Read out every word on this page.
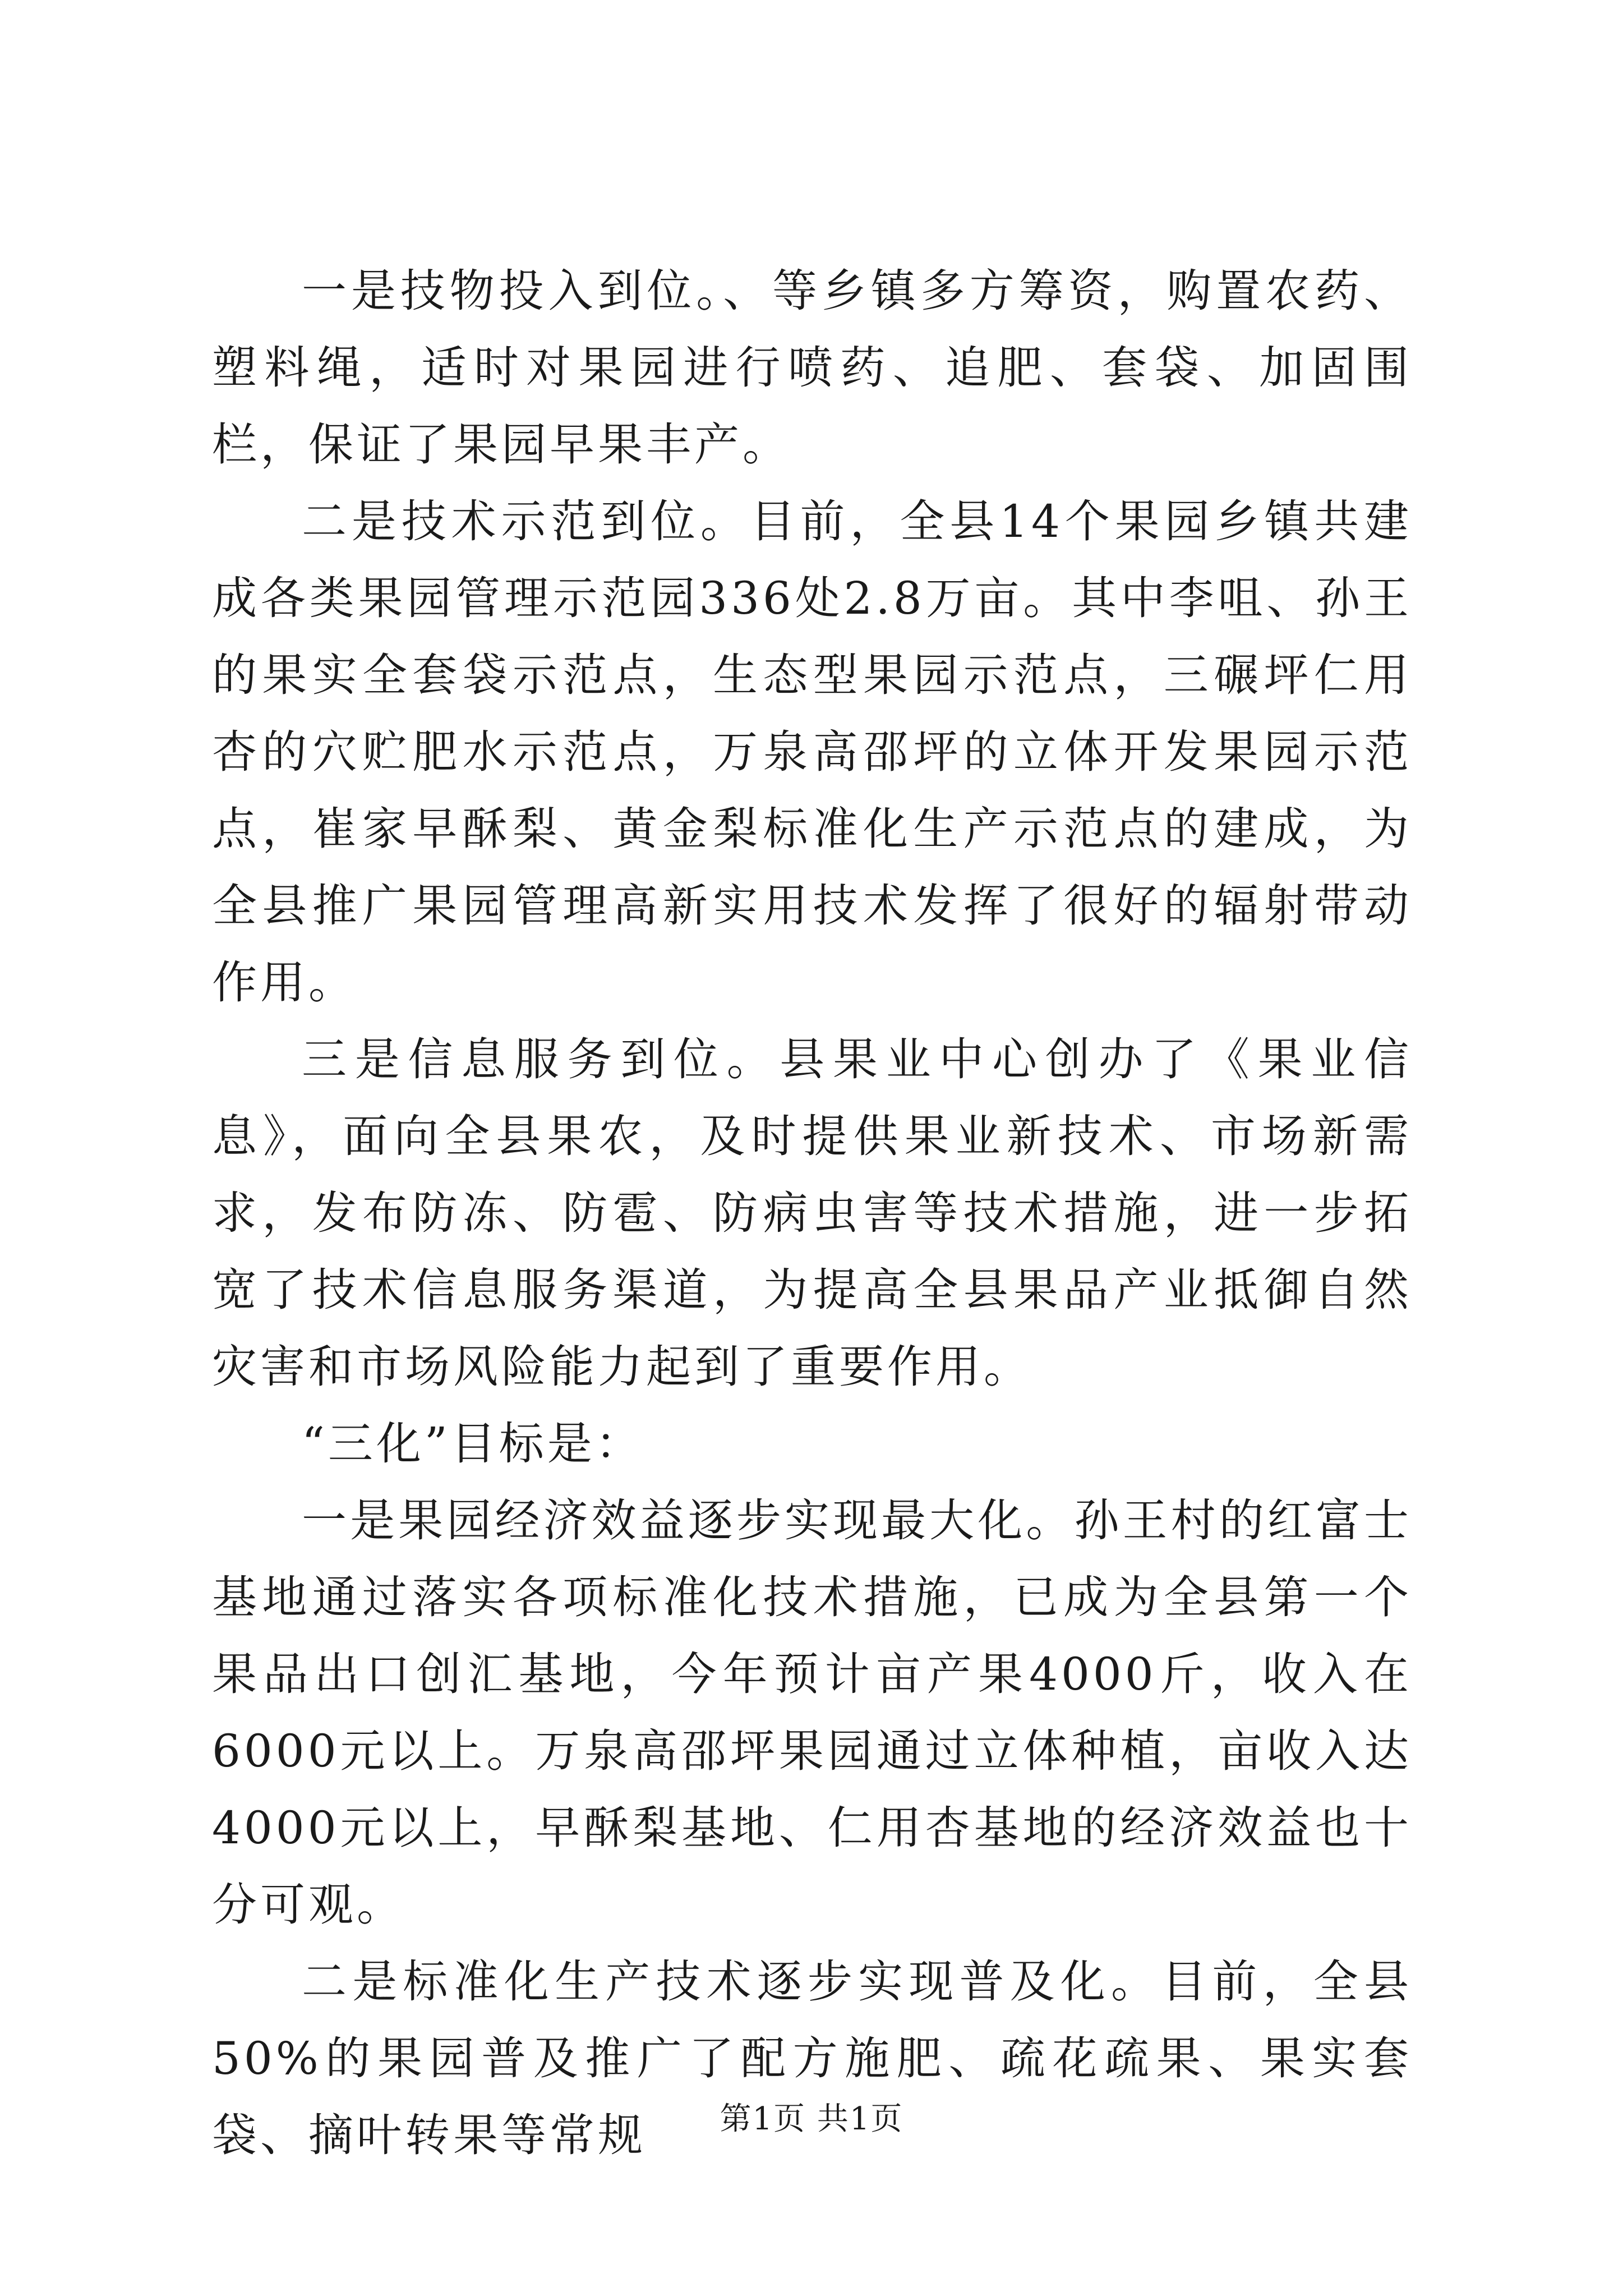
一是技物投入到位。、等乡镇多方筹资，购置农药、塑料绳，适时对果园进行喷药、追肥、套袋、加固围栏，保证了果园早果丰产。

二是技术示范到位。目前，全县14个果园乡镇共建成各类果园管理示范园336处2.8万亩。其中李咀、孙王的果实全套袋示范点，生态型果园示范点，三碾坪仁用杏的穴贮肥水示范点，万泉高邵坪的立体开发果园示范点，崔家早酥梨、黄金梨标准化生产示范点的建成，为全县推广果园管理高新实用技术发挥了很好的辐射带动作用。

三是信息服务到位。县果业中心创办了《果业信息》，面向全县果农，及时提供果业新技术、市场新需求，发布防冻、防雹、防病虫害等技术措施，进一步拓宽了技术信息服务渠道，为提高全县果品产业抵御自然灾害和市场风险能力起到了重要作用。

“三化”目标是：

一是果园经济效益逐步实现最大化。孙王村的红富士基地通过落实各项标准化技术措施，已成为全县第一个果品出口创汇基地，今年预计亩产果4000斤，收入在6000元以上。万泉高邵坪果园通过立体种植，亩收入达4000元以上，早酥梨基地、仁用杏基地的经济效益也十分可观。

二是标准化生产技术逐步实现普及化。目前，全县50%的果园普及推广了配方施肥、疏花疏果、果实套袋、摘叶转果等常规	第1页 共1页
